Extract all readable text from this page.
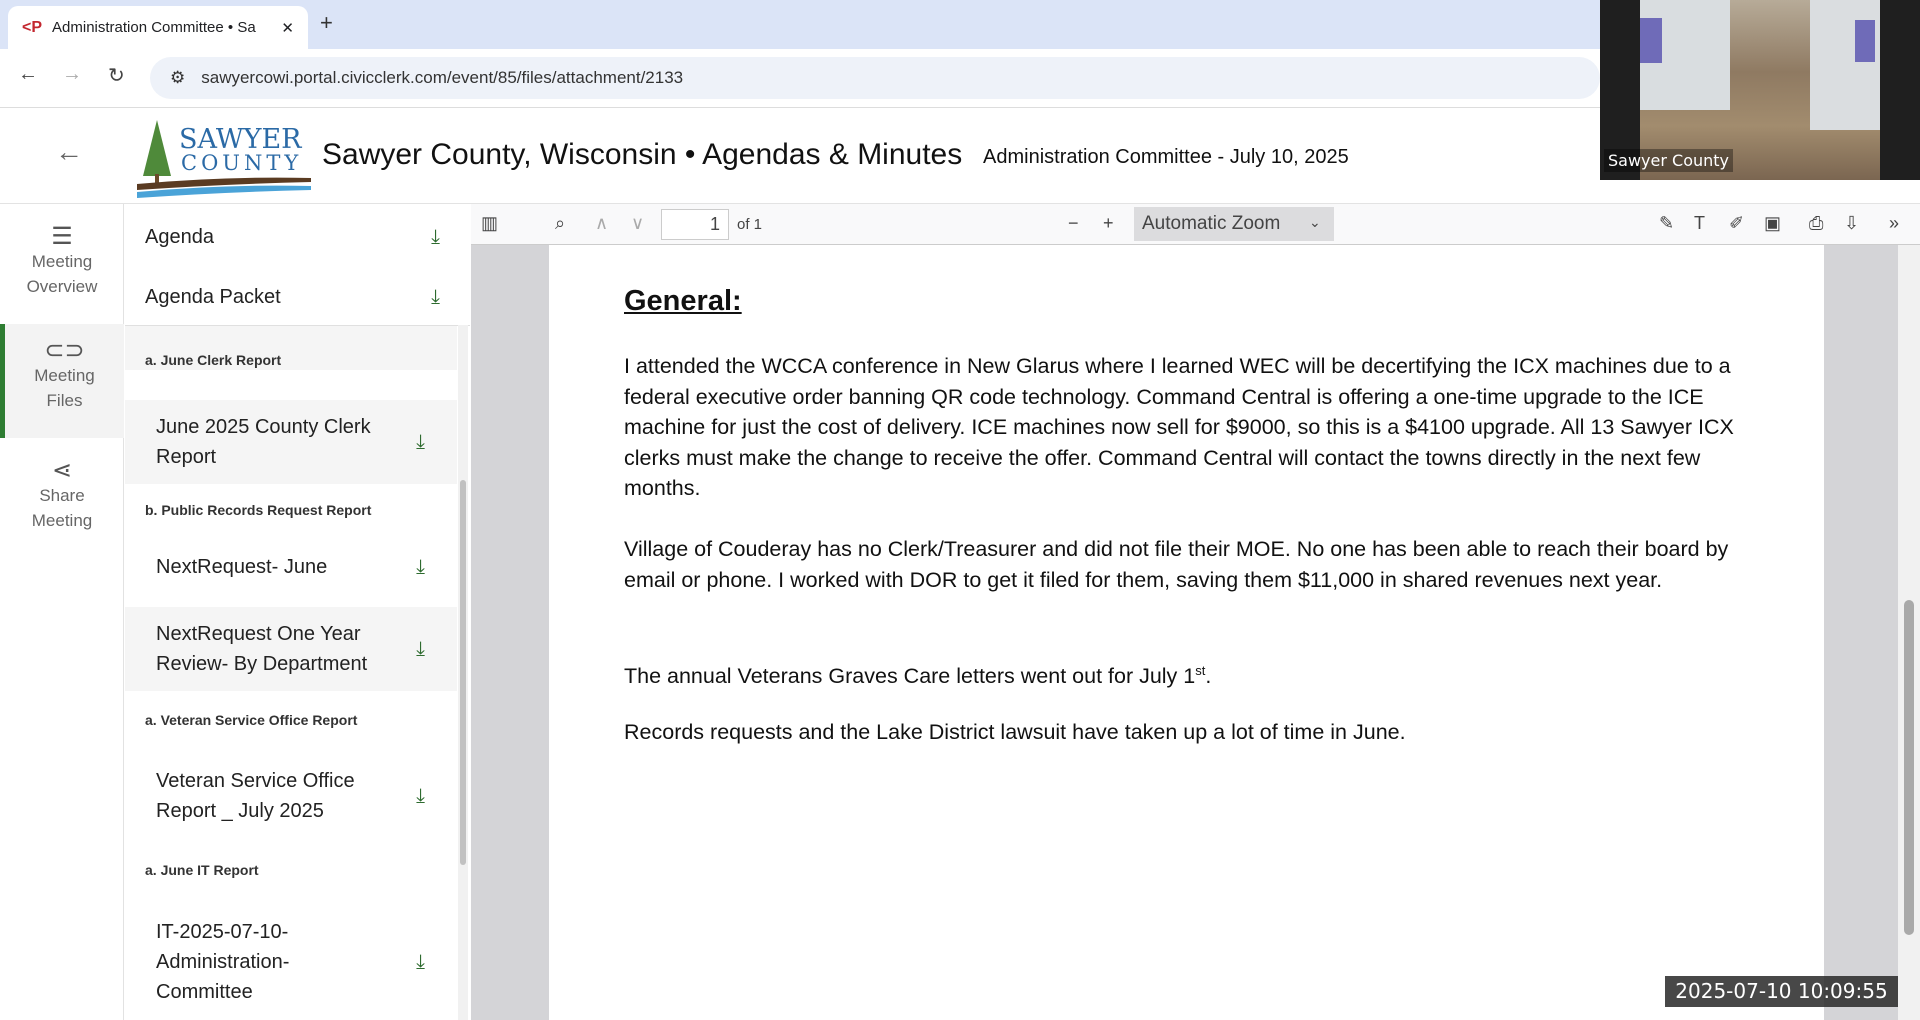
<P Administration Committee • Sa	✕ +
← → ↻	⚙ sawyercowi.portal.civicclerk.com/event/85/files/attachment/2133
←	SAWYER
COUNTY Sawyer County, Wisconsin • Agendas & Minutes Administration Committee - July 10, 2025	Sawyer County
☰
Meeting
Overview
⊂⊃
Meeting
Files
⋖
Share
Meeting
Agenda	⤓
Agenda Packet	⤓
a. June Clerk Report
June 2025 County Clerk
Report
⤓
b. Public Records Request Report
NextRequest- June	⤓
NextRequest One Year
Review- By Department
⤓
a. Veteran Service Office Report
Veteran Service Office
Report _ July 2025
⤓
a. June IT Report
IT-2025-07-10-
Administration-
Committee
⤓
▥	⌕ ∧ ∨	1	of 1	− +	Automatic Zoom ⌄	✎ T ✐ ▣ ⎙ ⇩ »
General:

I attended the WCCA conference in New Glarus where I learned WEC will be decertifying the ICX machines due to a federal executive order banning QR code technology. Command Central is offering a one-time upgrade to the ICE machine for just the cost of delivery. ICE machines now sell for $9000, so this is a $4100 upgrade. All 13 Sawyer ICX clerks must make the change to receive the offer. Command Central will contact the towns directly in the next few months.

Village of Couderay has no Clerk/Treasurer and did not file their MOE. No one has been able to reach their board by email or phone. I worked with DOR to get it filed for them, saving them $11,000 in shared revenues next year.

The annual Veterans Graves Care letters went out for July 1st.

Records requests and the Lake District lawsuit have taken up a lot of time in June.

2025-07-10 10:09:55
